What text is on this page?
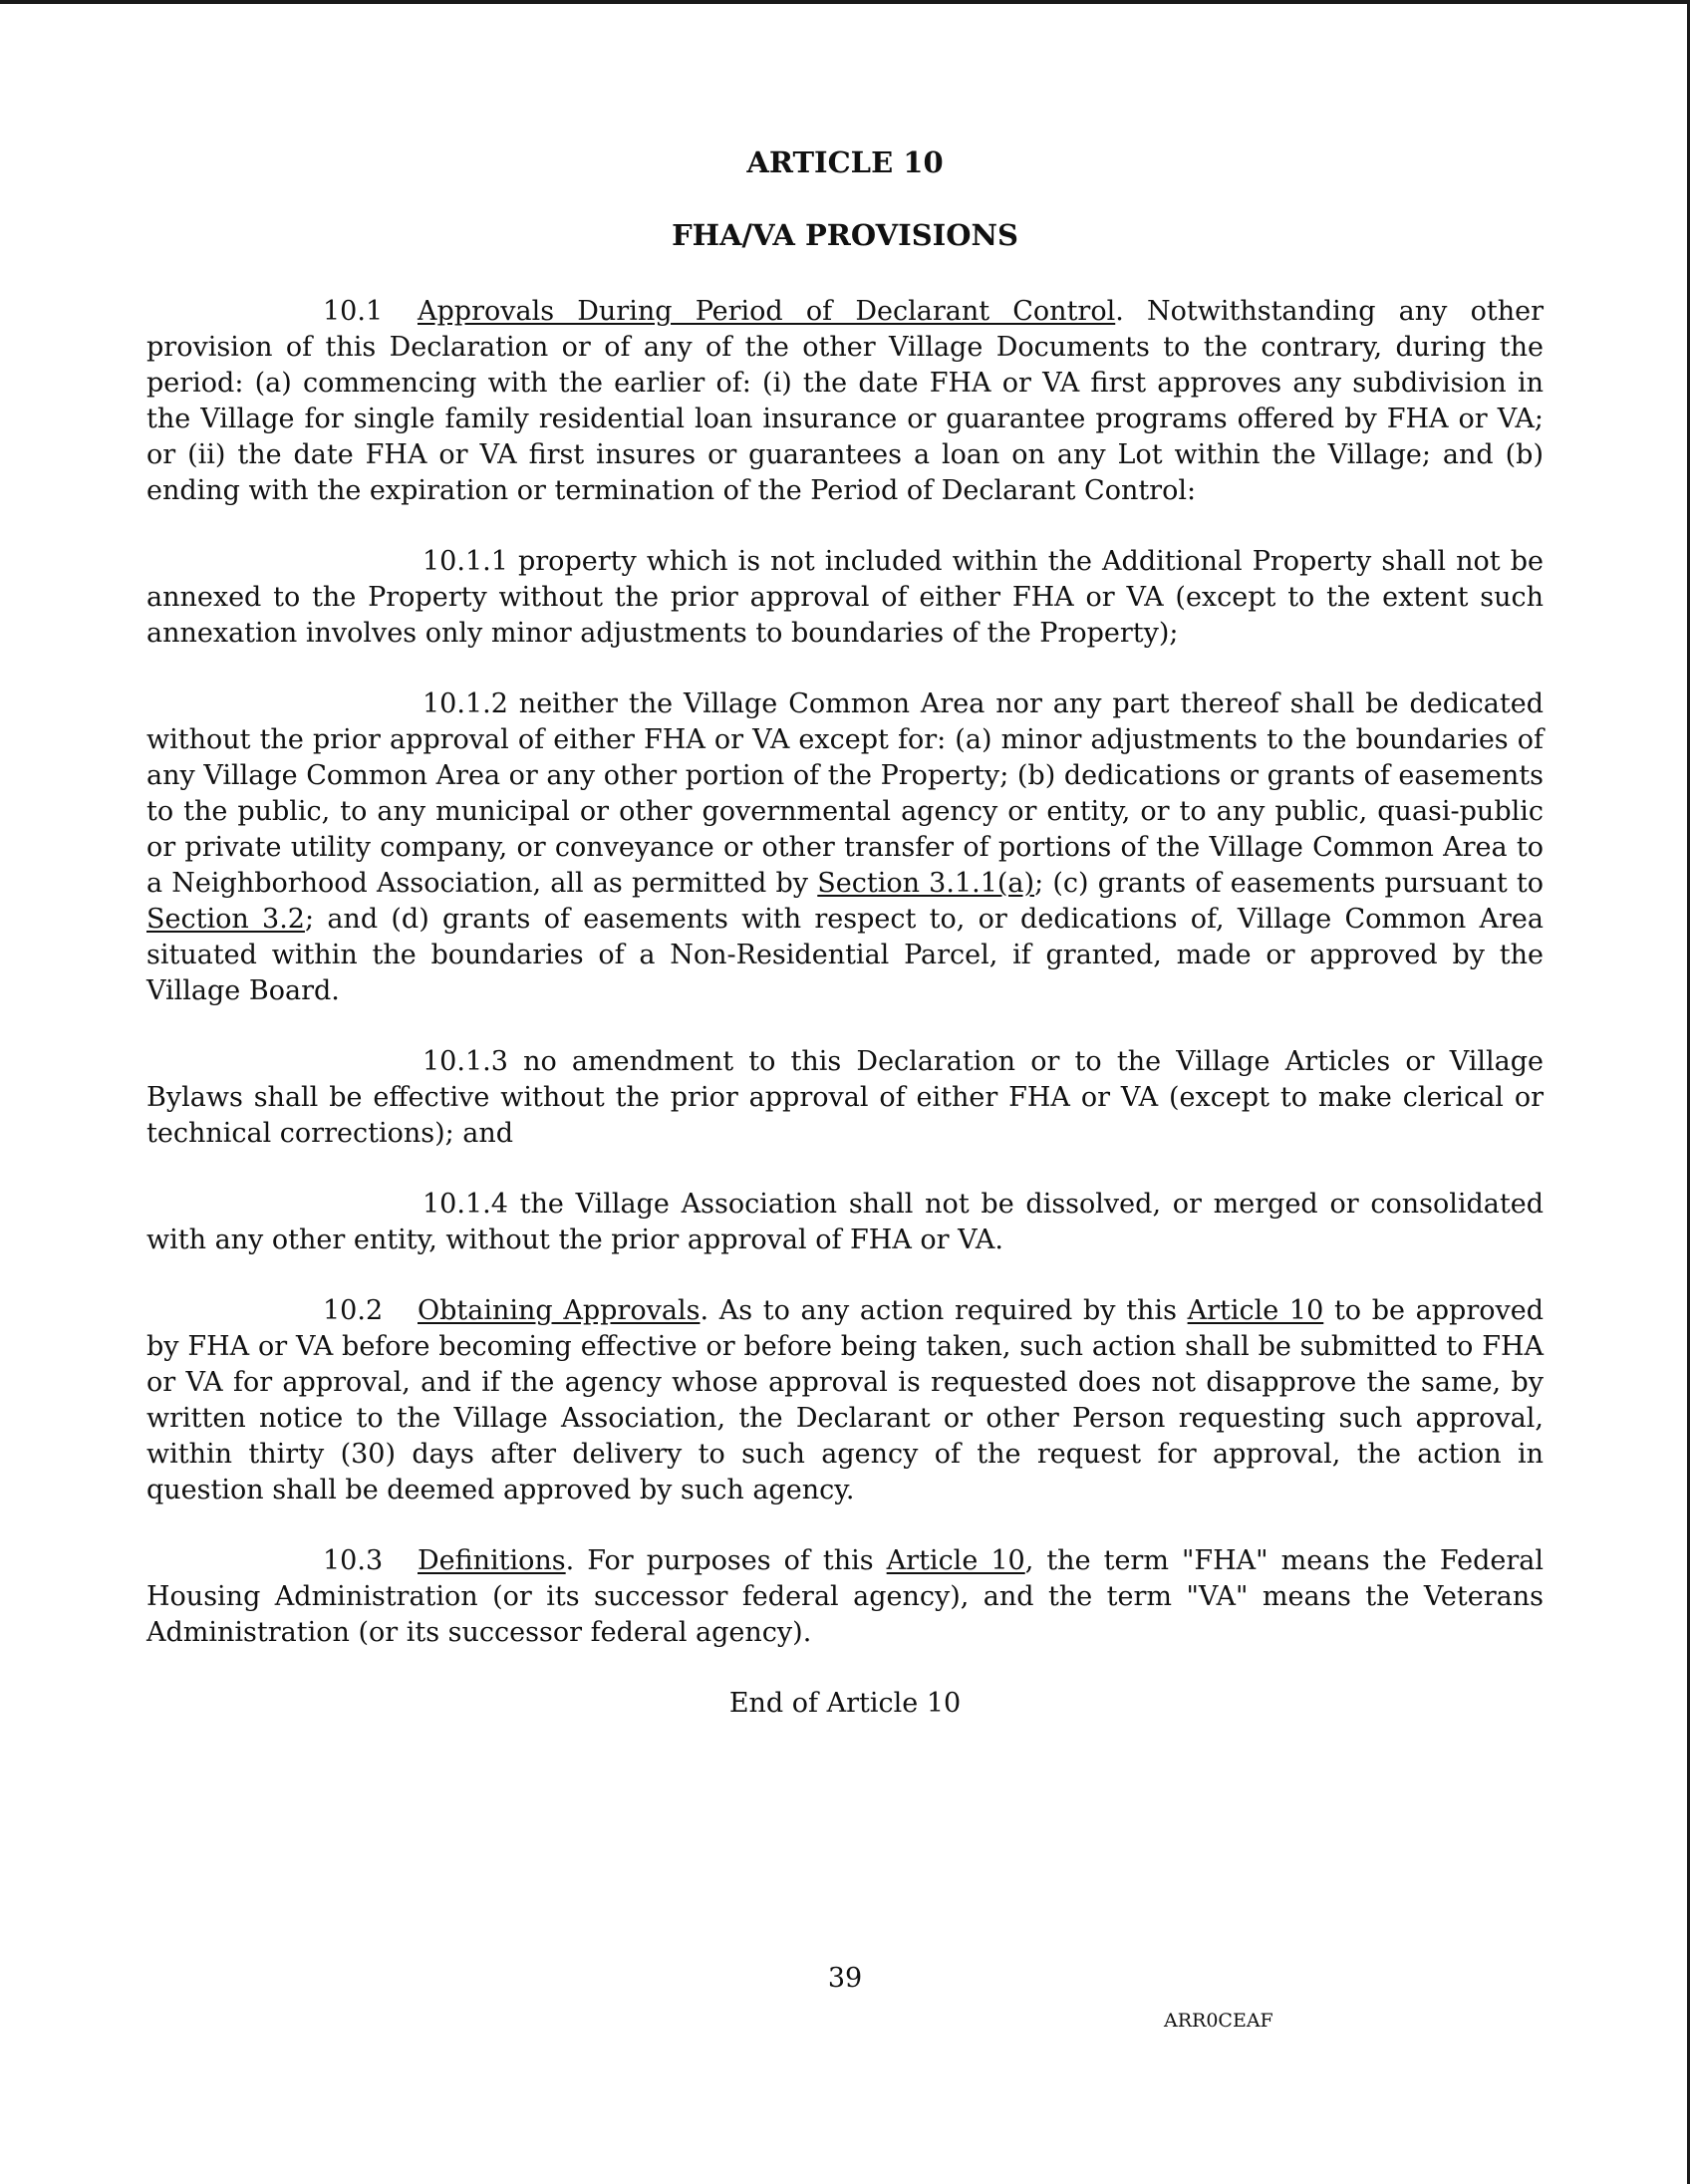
ARTICLE 10
FHA/VA PROVISIONS

10.1 Approvals During Period of Declarant Control. Notwithstanding any other provision of this Declaration or of any of the other Village Documents to the contrary, during the period: (a) commencing with the earlier of: (i) the date FHA or VA first approves any subdivision in the Village for single family residential loan insurance or guarantee programs offered by FHA or VA; or (ii) the date FHA or VA first insures or guarantees a loan on any Lot within the Village; and (b) ending with the expiration or termination of the Period of Declarant Control:

10.1.1 property which is not included within the Additional Property shall not be annexed to the Property without the prior approval of either FHA or VA (except to the extent such annexation involves only minor adjustments to boundaries of the Property);

10.1.2 neither the Village Common Area nor any part thereof shall be dedicated without the prior approval of either FHA or VA except for: (a) minor adjustments to the boundaries of any Village Common Area or any other portion of the Property; (b) dedications or grants of easements to the public, to any municipal or other governmental agency or entity, or to any public, quasi-public or private utility company, or conveyance or other transfer of portions of the Village Common Area to a Neighborhood Association, all as permitted by Section 3.1.1(a); (c) grants of easements pursuant to Section 3.2; and (d) grants of easements with respect to, or dedications of, Village Common Area situated within the boundaries of a Non-Residential Parcel, if granted, made or approved by the Village Board.

10.1.3 no amendment to this Declaration or to the Village Articles or Village Bylaws shall be effective without the prior approval of either FHA or VA (except to make clerical or technical corrections); and

10.1.4 the Village Association shall not be dissolved, or merged or consolidated with any other entity, without the prior approval of FHA or VA.

10.2 Obtaining Approvals. As to any action required by this Article 10 to be approved by FHA or VA before becoming effective or before being taken, such action shall be submitted to FHA or VA for approval, and if the agency whose approval is requested does not disapprove the same, by written notice to the Village Association, the Declarant or other Person requesting such approval, within thirty (30) days after delivery to such agency of the request for approval, the action in question shall be deemed approved by such agency.

10.3 Definitions. For purposes of this Article 10, the term "FHA" means the Federal Housing Administration (or its successor federal agency), and the term "VA" means the Veterans Administration (or its successor federal agency).

End of Article 10

39
ARR0CEAF
